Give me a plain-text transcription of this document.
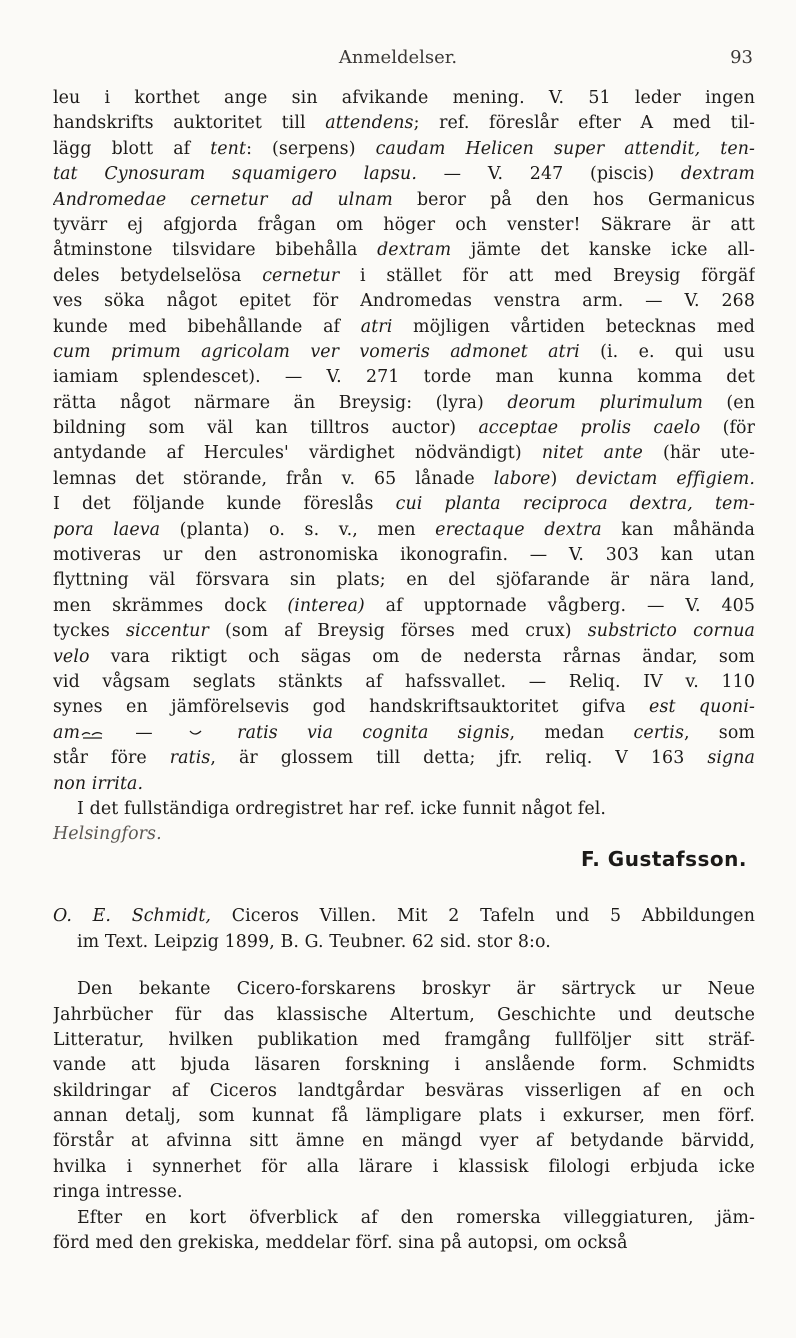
Anmeldelser.	93
leu i korthet ange sin afvikande mening. V. 51 leder ingen
handskrifts auktoritet till attendens; ref. föreslår efter A med til-
lägg blott af tent: (serpens) caudam Helicen super attendit, ten-
tat Cynosuram squamigero lapsu. — V. 247 (piscis) dextram
Andromedae cernetur ad ulnam beror på den hos Germanicus
tyvärr ej afgjorda frågan om höger och venster! Säkrare är att
åtminstone tilsvidare bibehålla dextram jämte det kanske icke all-
deles betydelselösa cernetur i stället för att med Breysig förgäf
ves söka något epitet för Andromedas venstra arm. — V. 268
kunde med bibehållande af atri möjligen vårtiden betecknas med
cum primum agricolam ver vomeris admonet atri (i. e. qui usu
iamiam splendescet). — V. 271 torde man kunna komma det
rätta något närmare än Breysig: (lyra) deorum plurimulum (en
bildning som väl kan tilltros auctor) acceptae prolis caelo (för
antydande af Hercules' värdighet nödvändigt) nitet ante (här ute-
lemnas det störande, från v. 65 lånade labore) devictam effigiem.
I det följande kunde föreslås cui planta reciproca dextra, tem-
pora laeva (planta) o. s. v., men erectaque dextra kan måhända
motiveras ur den astronomiska ikonografin. — V. 303 kan utan
flyttning väl försvara sin plats; en del sjöfarande är nära land,
men skrämmes dock (interea) af upptornade vågberg. — V. 405
tyckes siccentur (som af Breysig förses med crux) substricto cornua
velo vara riktigt och sägas om de nedersta rårnas ändar, som
vid vågsam seglats stänkts af hafssvallet. — Reliq. IV v. 110
synes en jämförelsevis god handskriftsauktoritet gifva est quoni-
am
—	ratis via cognita signis, medan certis, som
står före ratis, är glossem till detta; jfr. reliq. V 163 signa
non irrita.
I det fullständiga ordregistret har ref. icke funnit något fel.
Helsingfors.
F. Gustafsson.
O. E. Schmidt, Ciceros Villen. Mit 2 Tafeln und 5 Abbildungen
im Text. Leipzig 1899, B. G. Teubner. 62 sid. stor 8:o.
Den bekante Cicero-forskarens broskyr är särtryck ur Neue
Jahrbücher für das klassische Altertum, Geschichte und deutsche
Litteratur, hvilken publikation med framgång fullföljer sitt sträf-
vande att bjuda läsaren forskning i anslående form. Schmidts
skildringar af Ciceros landtgårdar besväras visserligen af en och
annan detalj, som kunnat få lämpligare plats i exkurser, men förf.
förstår at afvinna sitt ämne en mängd vyer af betydande bärvidd,
hvilka i synnerhet för alla lärare i klassisk filologi erbjuda icke
ringa intresse.
Efter en kort öfverblick af den romerska villeggiaturen, jäm-
förd med den grekiska, meddelar förf. sina på autopsi, om också
